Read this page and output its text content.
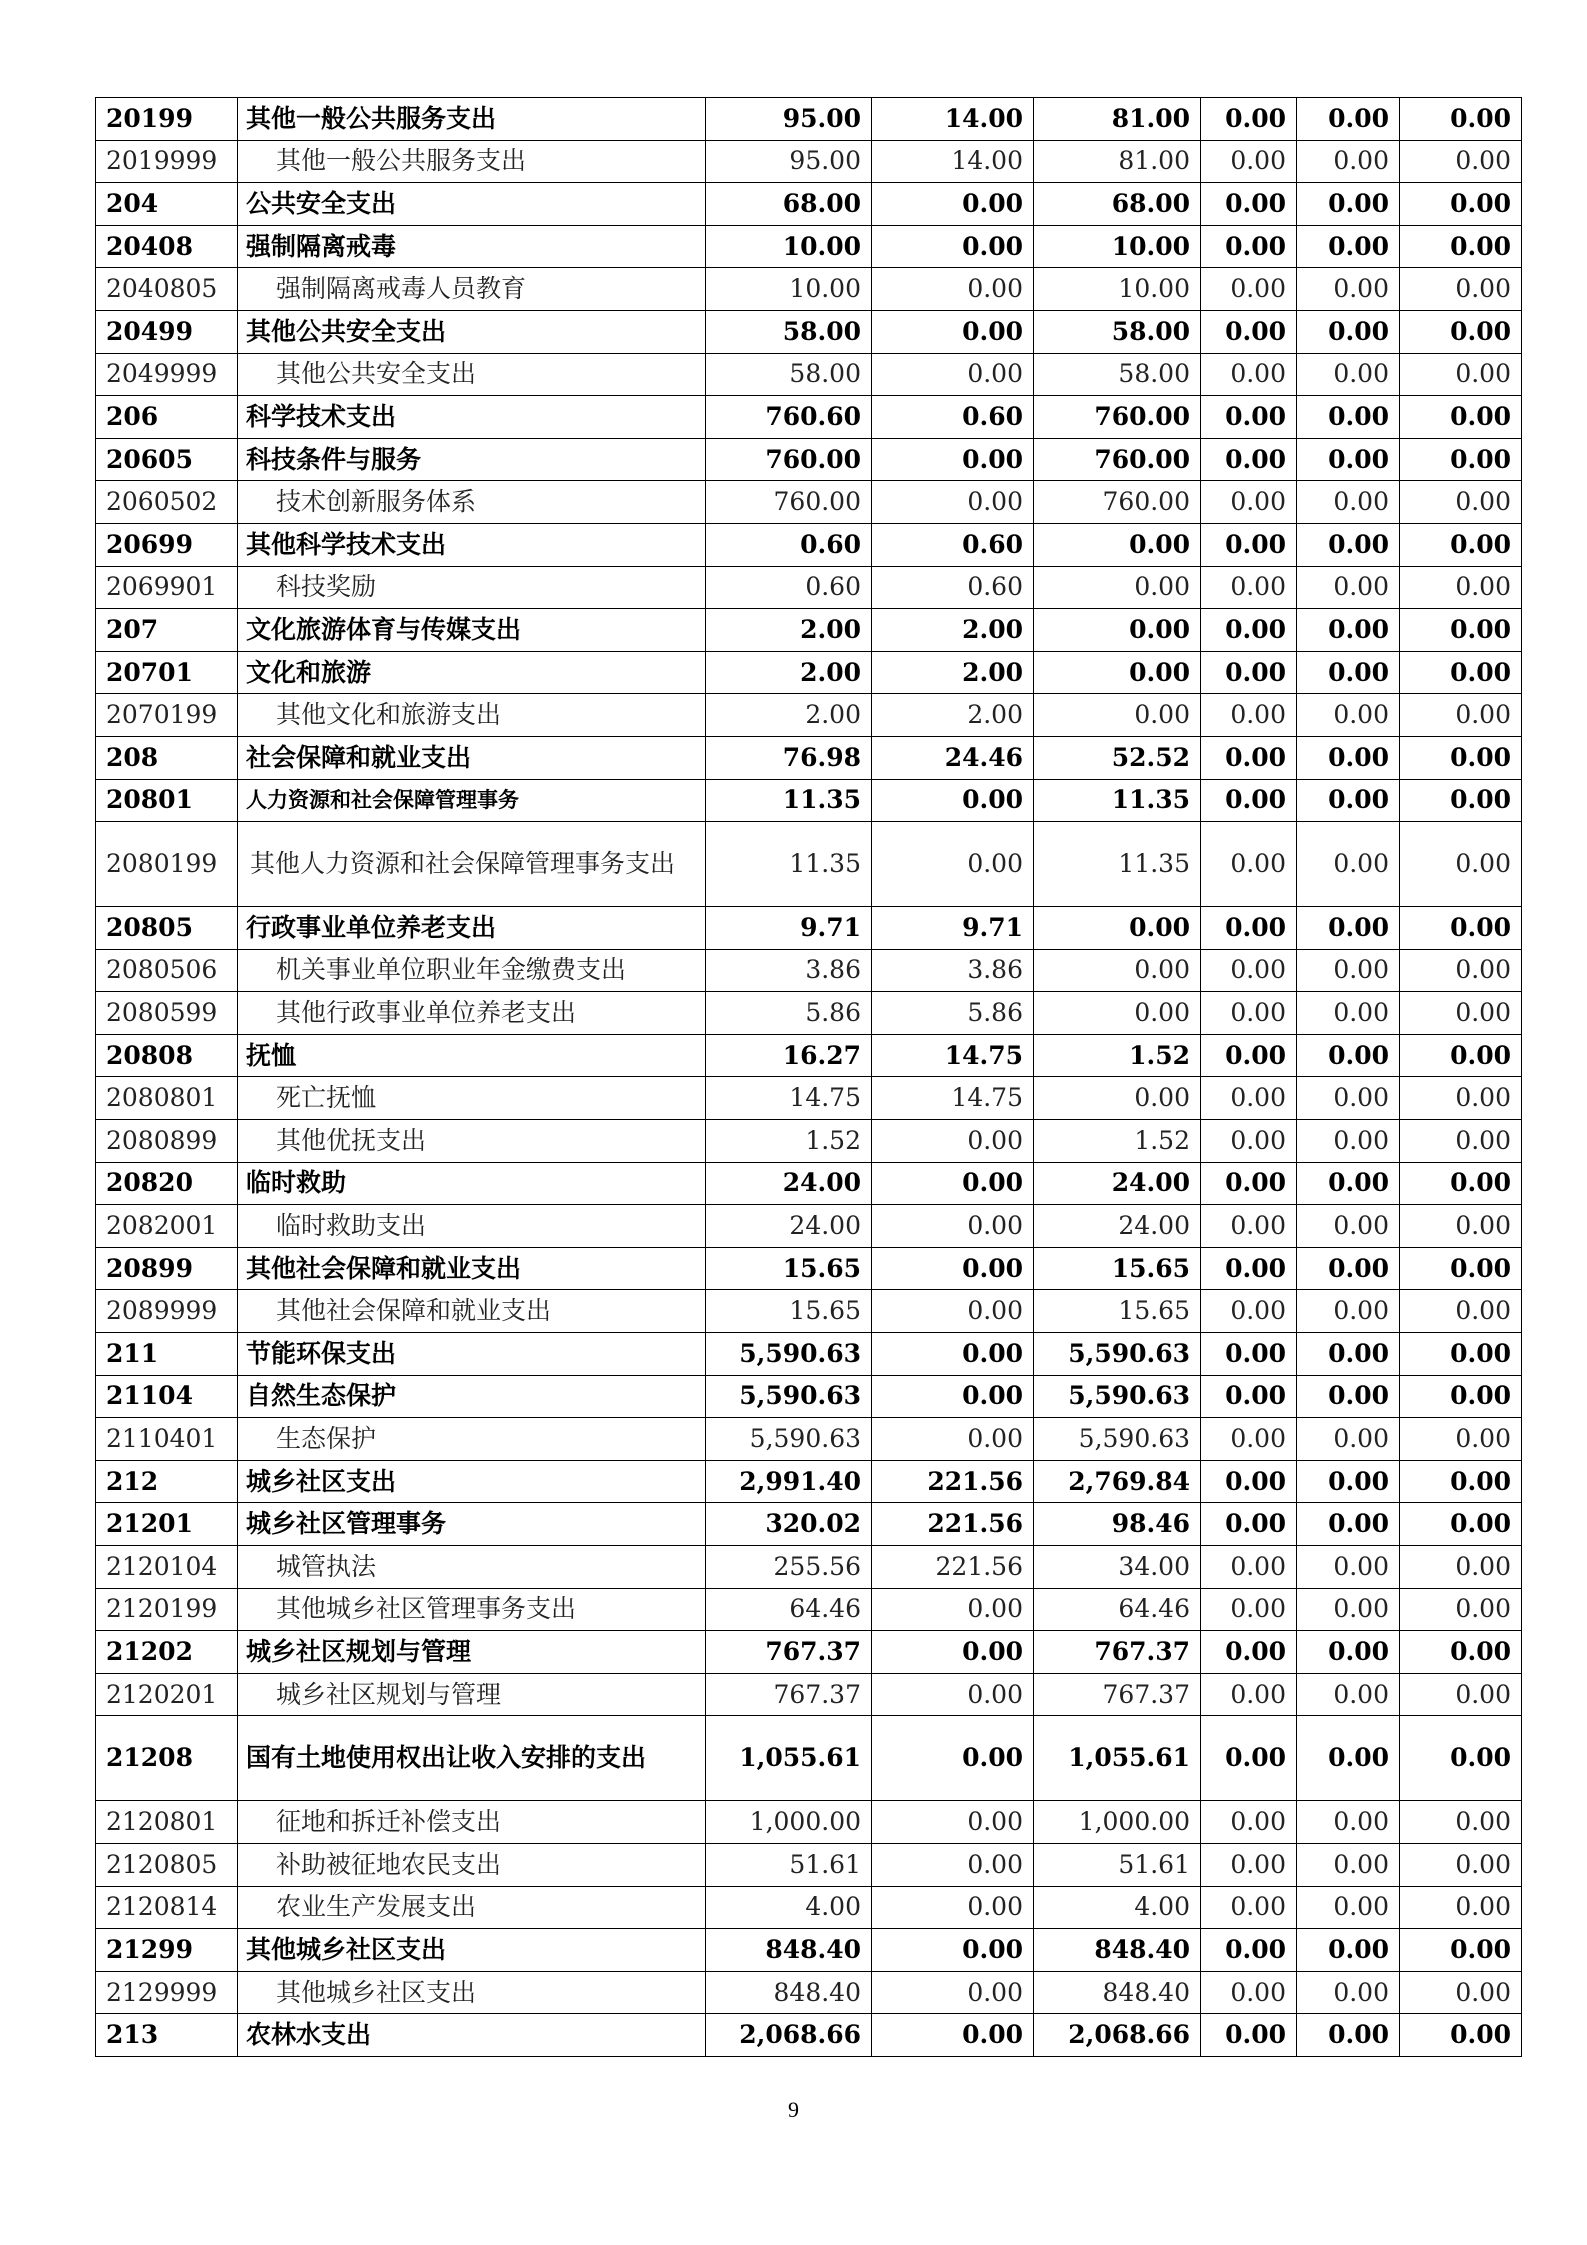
20199	其他一般公共服务支出	95.00	14.00	81.00	0.00	0.00	0.00
2019999	其他一般公共服务支出	95.00	14.00	81.00	0.00	0.00	0.00
204	公共安全支出	68.00	0.00	68.00	0.00	0.00	0.00
20408	强制隔离戒毒	10.00	0.00	10.00	0.00	0.00	0.00
2040805	强制隔离戒毒人员教育	10.00	0.00	10.00	0.00	0.00	0.00
20499	其他公共安全支出	58.00	0.00	58.00	0.00	0.00	0.00
2049999	其他公共安全支出	58.00	0.00	58.00	0.00	0.00	0.00
206	科学技术支出	760.60	0.60	760.00	0.00	0.00	0.00
20605	科技条件与服务	760.00	0.00	760.00	0.00	0.00	0.00
2060502	技术创新服务体系	760.00	0.00	760.00	0.00	0.00	0.00
20699	其他科学技术支出	0.60	0.60	0.00	0.00	0.00	0.00
2069901	科技奖励	0.60	0.60	0.00	0.00	0.00	0.00
207	文化旅游体育与传媒支出	2.00	2.00	0.00	0.00	0.00	0.00
20701	文化和旅游	2.00	2.00	0.00	0.00	0.00	0.00
2070199	其他文化和旅游支出	2.00	2.00	0.00	0.00	0.00	0.00
208	社会保障和就业支出	76.98	24.46	52.52	0.00	0.00	0.00
20801	人力资源和社会保障管理事务	11.35	0.00	11.35	0.00	0.00	0.00
2080199	其他人力资源和社会保障管理事务支出	11.35	0.00	11.35	0.00	0.00	0.00
20805	行政事业单位养老支出	9.71	9.71	0.00	0.00	0.00	0.00
2080506	机关事业单位职业年金缴费支出	3.86	3.86	0.00	0.00	0.00	0.00
2080599	其他行政事业单位养老支出	5.86	5.86	0.00	0.00	0.00	0.00
20808	抚恤	16.27	14.75	1.52	0.00	0.00	0.00
2080801	死亡抚恤	14.75	14.75	0.00	0.00	0.00	0.00
2080899	其他优抚支出	1.52	0.00	1.52	0.00	0.00	0.00
20820	临时救助	24.00	0.00	24.00	0.00	0.00	0.00
2082001	临时救助支出	24.00	0.00	24.00	0.00	0.00	0.00
20899	其他社会保障和就业支出	15.65	0.00	15.65	0.00	0.00	0.00
2089999	其他社会保障和就业支出	15.65	0.00	15.65	0.00	0.00	0.00
211	节能环保支出	5,590.63	0.00	5,590.63	0.00	0.00	0.00
21104	自然生态保护	5,590.63	0.00	5,590.63	0.00	0.00	0.00
2110401	生态保护	5,590.63	0.00	5,590.63	0.00	0.00	0.00
212	城乡社区支出	2,991.40	221.56	2,769.84	0.00	0.00	0.00
21201	城乡社区管理事务	320.02	221.56	98.46	0.00	0.00	0.00
2120104	城管执法	255.56	221.56	34.00	0.00	0.00	0.00
2120199	其他城乡社区管理事务支出	64.46	0.00	64.46	0.00	0.00	0.00
21202	城乡社区规划与管理	767.37	0.00	767.37	0.00	0.00	0.00
2120201	城乡社区规划与管理	767.37	0.00	767.37	0.00	0.00	0.00
21208	国有土地使用权出让收入安排的支出	1,055.61	0.00	1,055.61	0.00	0.00	0.00
2120801	征地和拆迁补偿支出	1,000.00	0.00	1,000.00	0.00	0.00	0.00
2120805	补助被征地农民支出	51.61	0.00	51.61	0.00	0.00	0.00
2120814	农业生产发展支出	4.00	0.00	4.00	0.00	0.00	0.00
21299	其他城乡社区支出	848.40	0.00	848.40	0.00	0.00	0.00
2129999	其他城乡社区支出	848.40	0.00	848.40	0.00	0.00	0.00
213	农林水支出	2,068.66	0.00	2,068.66	0.00	0.00	0.00
9
